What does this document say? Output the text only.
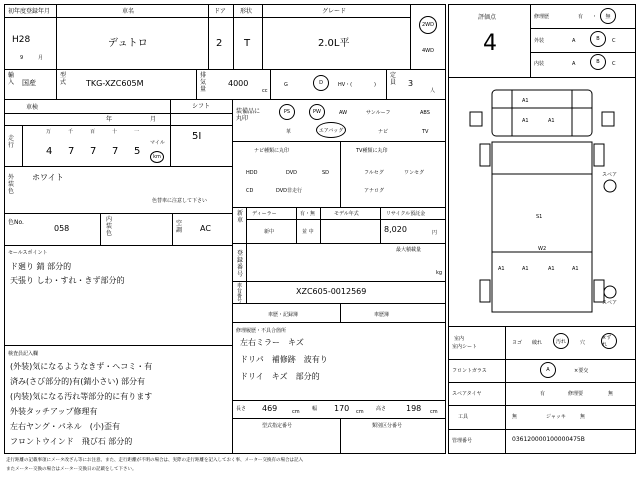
初年度登録年月
H28
9	月
車名
デュトロ
ドア
2
形状
T
グレード
2.0L平
2WD
4WD
輸入 国産
型式 TKG-XZC605M
排気量
4000
cc
G	D	HV・(	)
定員 3
人
車検
年	月
走行
万	千	百	十	一
4 7 7 7 5	km
マイル
シフト
5I
外装色
ホワイト
色替車に注意して下さい
色No.
058
内装色
空調 AC
セールスポイント
ド廻り 錆 部分的
天張り しわ・すれ・きず部分的
検査員記入欄
(外装)気になるようなきず・ヘコミ・有
済み(さび部分的)有(錆小さい) 部分有
(内装)気になる汚れ等部分的に有ります
外装タッチアップ修理有
左右ヤング・パネル　(小)歪有
フロントウインド　飛び石 部分的
装備品に
丸印
PS	PW	AW	サンルーフ	ABS
革	エアバッグ	ナビ	TV
ナビ種類に丸印
HDD	DVD	SD
CD	DVD非走行
TV種類に丸印
フルセグ	ワンセグ
アナログ
新車
ディーラー	有・無
新中	並 中
モデル年式	リサイクル預託金
8,020	円
登録番号
最大積載量
kg
車台番号
XZC605-0012569
車歴・記録簿	車歴簿
修理履歴・不具合箇所
左右ミラー　キズ
ドリパ　補修跡　波有り
ドリイ　キズ　部分的
長さ 469	cm 幅 170 cm 高さ 198 cm
型式指定番号	類別区分番号
評価点
4
修理歴	有 ・ 無
外装	A	B C
内装	A	B C
A1	A1
A1
S1
W2
A1	A1	A1	A1
スペア
スペア
室内
室内シート
ヨゴ 破れ	汚れ	穴
×ずれ
フロントガラス	A	×要交
スペアタイヤ	有	修理要	無
工具	無	ジャッキ	無
管理番号	036120000100000475B
走行距離の記載事項にメータ改ざん等にお注意、また、走行距離が不明の場合は、実際の走行距離を記入しておく事、メーター交換有の場合は記入
またメーター交換の場合はメーター交換日の記載をして下さい。
